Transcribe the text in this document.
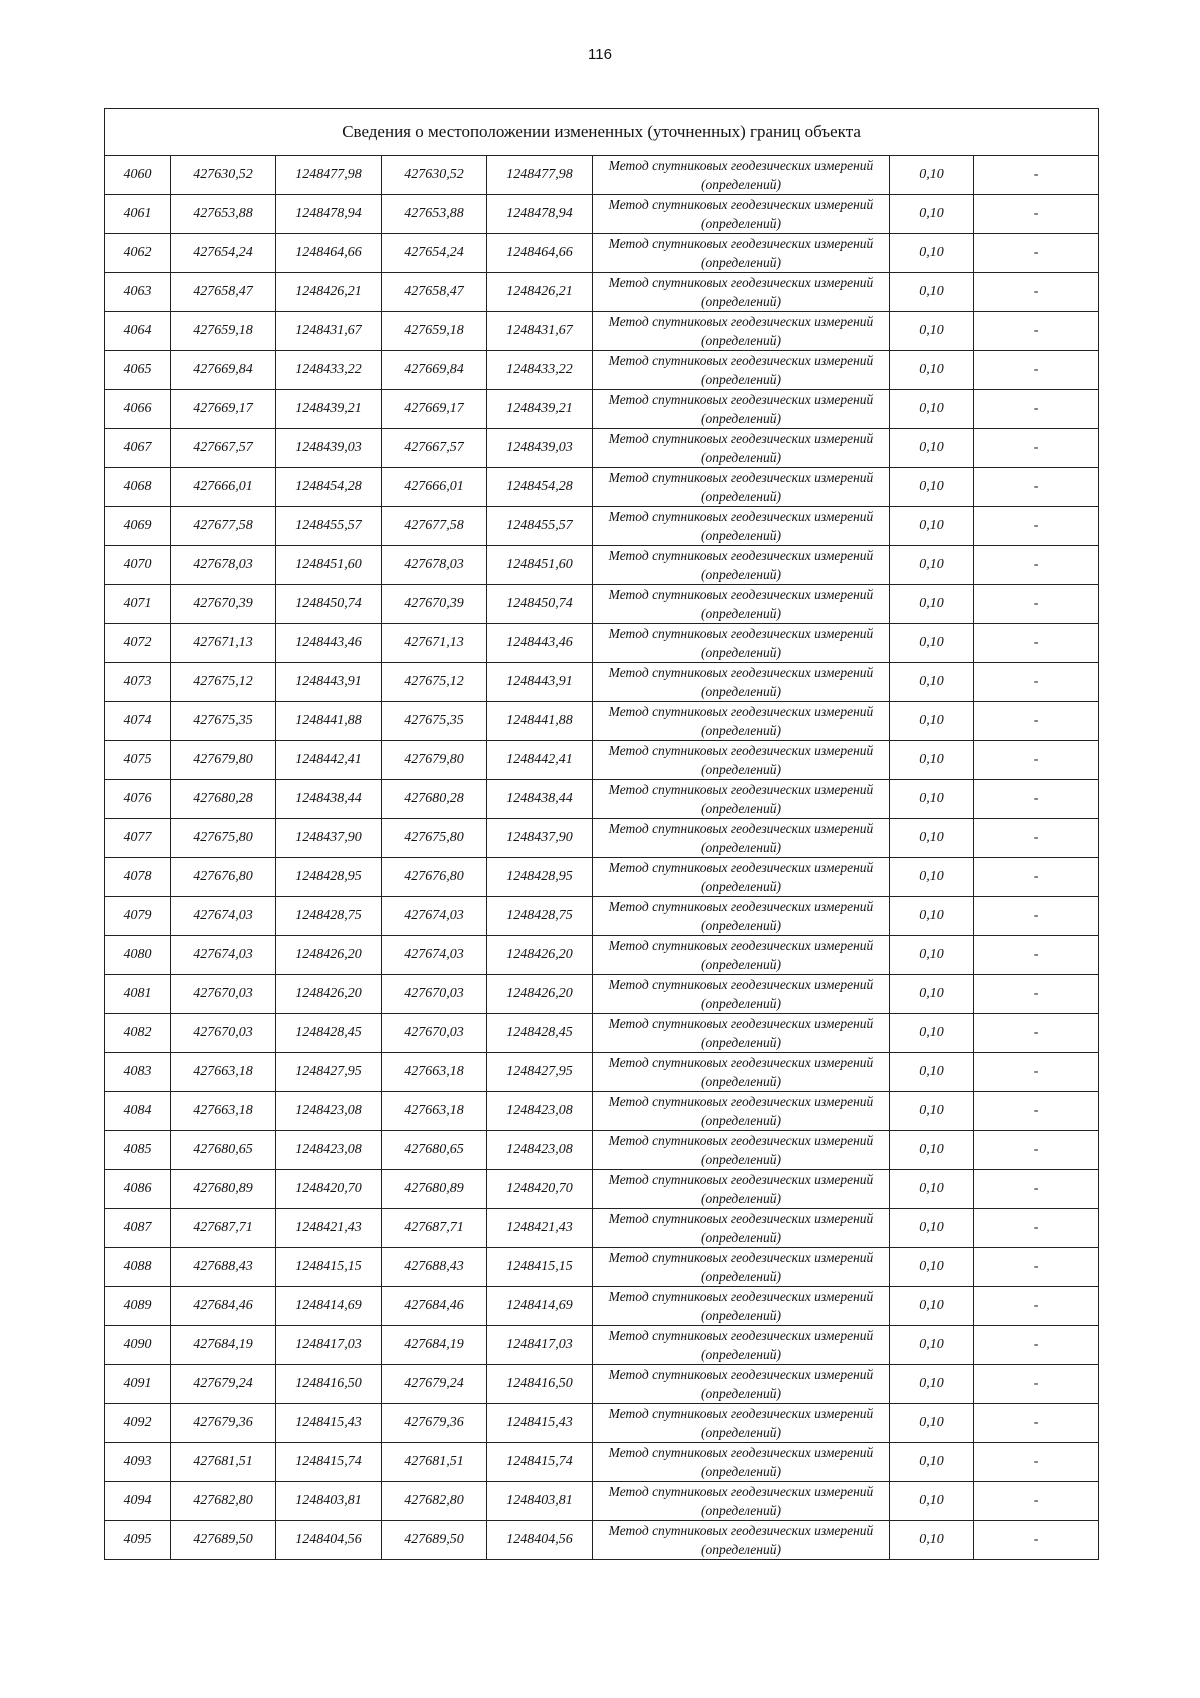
116
Сведения о местоположении измененных (уточненных) границ объекта							
4060	427630,52	1248477,98	427630,52	1248477,98	Метод спутниковых геодезических измерений (определений)	0,10	-
4061	427653,88	1248478,94	427653,88	1248478,94	Метод спутниковых геодезических измерений (определений)	0,10	-
4062	427654,24	1248464,66	427654,24	1248464,66	Метод спутниковых геодезических измерений (определений)	0,10	-
4063	427658,47	1248426,21	427658,47	1248426,21	Метод спутниковых геодезических измерений (определений)	0,10	-
4064	427659,18	1248431,67	427659,18	1248431,67	Метод спутниковых геодезических измерений (определений)	0,10	-
4065	427669,84	1248433,22	427669,84	1248433,22	Метод спутниковых геодезических измерений (определений)	0,10	-
4066	427669,17	1248439,21	427669,17	1248439,21	Метод спутниковых геодезических измерений (определений)	0,10	-
4067	427667,57	1248439,03	427667,57	1248439,03	Метод спутниковых геодезических измерений (определений)	0,10	-
4068	427666,01	1248454,28	427666,01	1248454,28	Метод спутниковых геодезических измерений (определений)	0,10	-
4069	427677,58	1248455,57	427677,58	1248455,57	Метод спутниковых геодезических измерений (определений)	0,10	-
4070	427678,03	1248451,60	427678,03	1248451,60	Метод спутниковых геодезических измерений (определений)	0,10	-
4071	427670,39	1248450,74	427670,39	1248450,74	Метод спутниковых геодезических измерений (определений)	0,10	-
4072	427671,13	1248443,46	427671,13	1248443,46	Метод спутниковых геодезических измерений (определений)	0,10	-
4073	427675,12	1248443,91	427675,12	1248443,91	Метод спутниковых геодезических измерений (определений)	0,10	-
4074	427675,35	1248441,88	427675,35	1248441,88	Метод спутниковых геодезических измерений (определений)	0,10	-
4075	427679,80	1248442,41	427679,80	1248442,41	Метод спутниковых геодезических измерений (определений)	0,10	-
4076	427680,28	1248438,44	427680,28	1248438,44	Метод спутниковых геодезических измерений (определений)	0,10	-
4077	427675,80	1248437,90	427675,80	1248437,90	Метод спутниковых геодезических измерений (определений)	0,10	-
4078	427676,80	1248428,95	427676,80	1248428,95	Метод спутниковых геодезических измерений (определений)	0,10	-
4079	427674,03	1248428,75	427674,03	1248428,75	Метод спутниковых геодезических измерений (определений)	0,10	-
4080	427674,03	1248426,20	427674,03	1248426,20	Метод спутниковых геодезических измерений (определений)	0,10	-
4081	427670,03	1248426,20	427670,03	1248426,20	Метод спутниковых геодезических измерений (определений)	0,10	-
4082	427670,03	1248428,45	427670,03	1248428,45	Метод спутниковых геодезических измерений (определений)	0,10	-
4083	427663,18	1248427,95	427663,18	1248427,95	Метод спутниковых геодезических измерений (определений)	0,10	-
4084	427663,18	1248423,08	427663,18	1248423,08	Метод спутниковых геодезических измерений (определений)	0,10	-
4085	427680,65	1248423,08	427680,65	1248423,08	Метод спутниковых геодезических измерений (определений)	0,10	-
4086	427680,89	1248420,70	427680,89	1248420,70	Метод спутниковых геодезических измерений (определений)	0,10	-
4087	427687,71	1248421,43	427687,71	1248421,43	Метод спутниковых геодезических измерений (определений)	0,10	-
4088	427688,43	1248415,15	427688,43	1248415,15	Метод спутниковых геодезических измерений (определений)	0,10	-
4089	427684,46	1248414,69	427684,46	1248414,69	Метод спутниковых геодезических измерений (определений)	0,10	-
4090	427684,19	1248417,03	427684,19	1248417,03	Метод спутниковых геодезических измерений (определений)	0,10	-
4091	427679,24	1248416,50	427679,24	1248416,50	Метод спутниковых геодезических измерений (определений)	0,10	-
4092	427679,36	1248415,43	427679,36	1248415,43	Метод спутниковых геодезических измерений (определений)	0,10	-
4093	427681,51	1248415,74	427681,51	1248415,74	Метод спутниковых геодезических измерений (определений)	0,10	-
4094	427682,80	1248403,81	427682,80	1248403,81	Метод спутниковых геодезических измерений (определений)	0,10	-
4095	427689,50	1248404,56	427689,50	1248404,56	Метод спутниковых геодезических измерений (определений)	0,10	-
